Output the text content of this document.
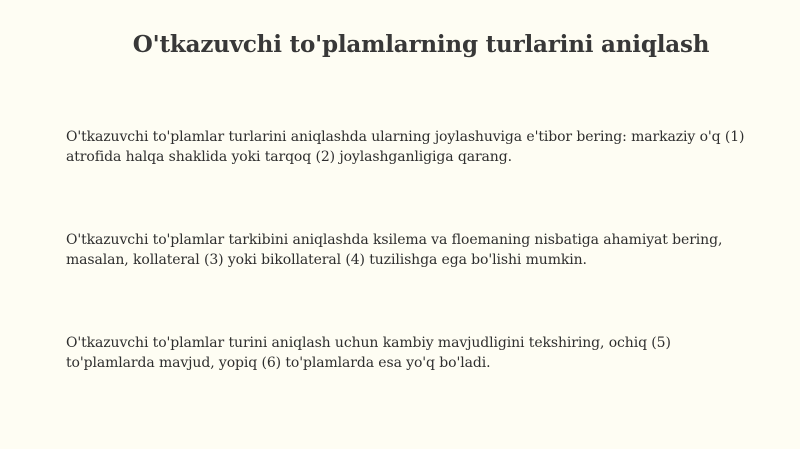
O'tkazuvchi to'plamlarning turlarini aniqlash

O'tkazuvchi to'plamlar turlarini aniqlashda ularning joylashuviga e'tibor bering: markaziy o'q (1) atrofida halqa shaklida yoki tarqoq (2) joylashganligiga qarang.

O'tkazuvchi to'plamlar tarkibini aniqlashda ksilema va floemaning nisbatiga ahamiyat bering, masalan, kollateral (3) yoki bikollateral (4) tuzilishga ega bo'lishi mumkin.

O'tkazuvchi to'plamlar turini aniqlash uchun kambiy mavjudligini tekshiring, ochiq (5) to'plamlarda mavjud, yopiq (6) to'plamlarda esa yo'q bo'ladi.
